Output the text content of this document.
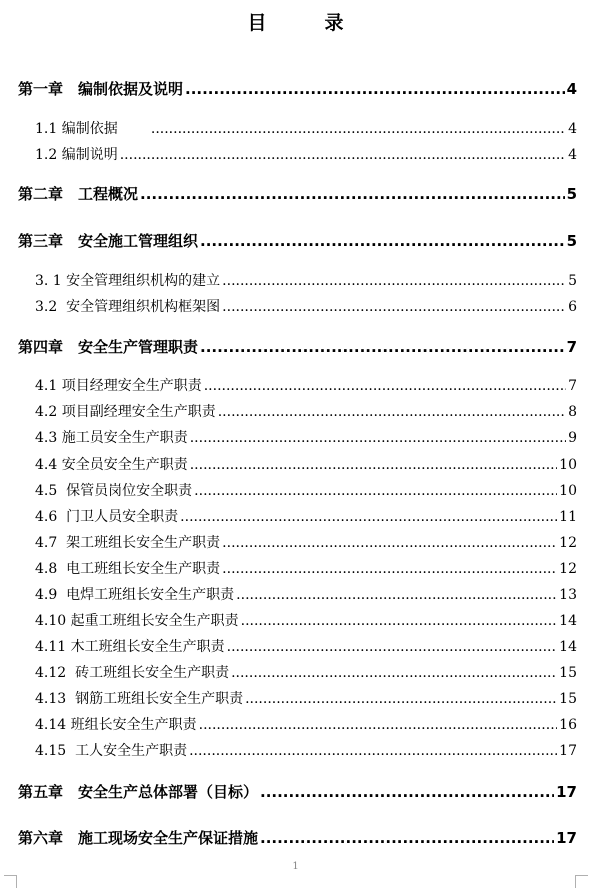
目录
第一章　编制依据及说明 .....	4
1.1 编制依据 .....	4
1.2 编制说明 .....	4
第二章　工程概况 .....	5
第三章　安全施工管理组织 .....	5
3. 1 安全管理组织机构的建立 .....	5
3.2  安全管理组织机构框架图 .....	6
第四章　安全生产管理职责 .....	7
4.1 项目经理安全生产职责 .....	7
4.2 项目副经理安全生产职责 .....	8
4.3 施工员安全生产职责 .....	9
4.4 安全员安全生产职责 .....	10
4.5  保管员岗位安全职责 .....	10
4.6  门卫人员安全职责 .....	11
4.7  架工班组长安全生产职责 .....	12
4.8  电工班组长安全生产职责 .....	12
4.9  电焊工班组长安全生产职责 .....	13
4.10 起重工班组长安全生产职责 .....	14
4.11 木工班组长安全生产职责 .....	14
4.12  砖工班组长安全生产职责 .....	15
4.13  钢筋工班组长安全生产职责 .....	15
4.14 班组长安全生产职责 .....	16
4.15  工人安全生产职责 .....	17
第五章　安全生产总体部署（目标） .....	17
第六章　施工现场安全生产保证措施 .....	17
1
